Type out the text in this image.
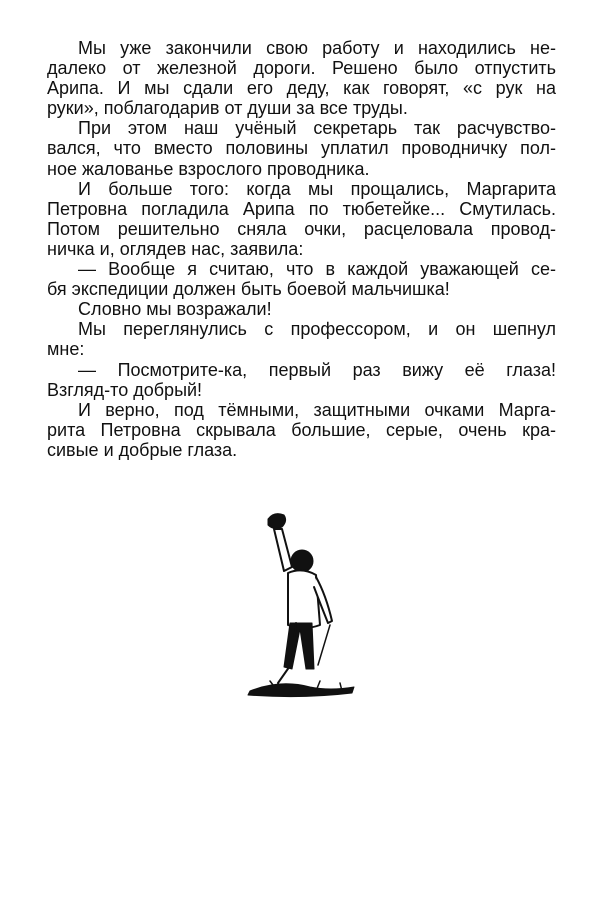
Мы уже закончили свою работу и находились не-
далеко от железной дороги. Решено было отпустить
Арипа. И мы сдали его деду, как говорят, «с рук на
руки», поблагодарив от души за все труды.
При этом наш учёный секретарь так расчувство-
вался, что вместо половины уплатил проводничку пол-
ное жалованье взрослого проводника.
И больше того: когда мы прощались, Маргарита
Петровна погладила Арипа по тюбетейке... Смутилась.
Потом решительно сняла очки, расцеловала провод-
ничка и, оглядев нас, заявила:
— Вообще я считаю, что в каждой уважающей се-
бя экспедиции должен быть боевой мальчишка!
Словно мы возражали!
Мы переглянулись с профессором, и он шепнул
мне:
— Посмотрите-ка, первый раз вижу её глаза!
Взгляд-то добрый!
И верно, под тёмными, защитными очками Марга-
рита Петровна скрывала большие, серые, очень кра-
сивые и добрые глаза.
